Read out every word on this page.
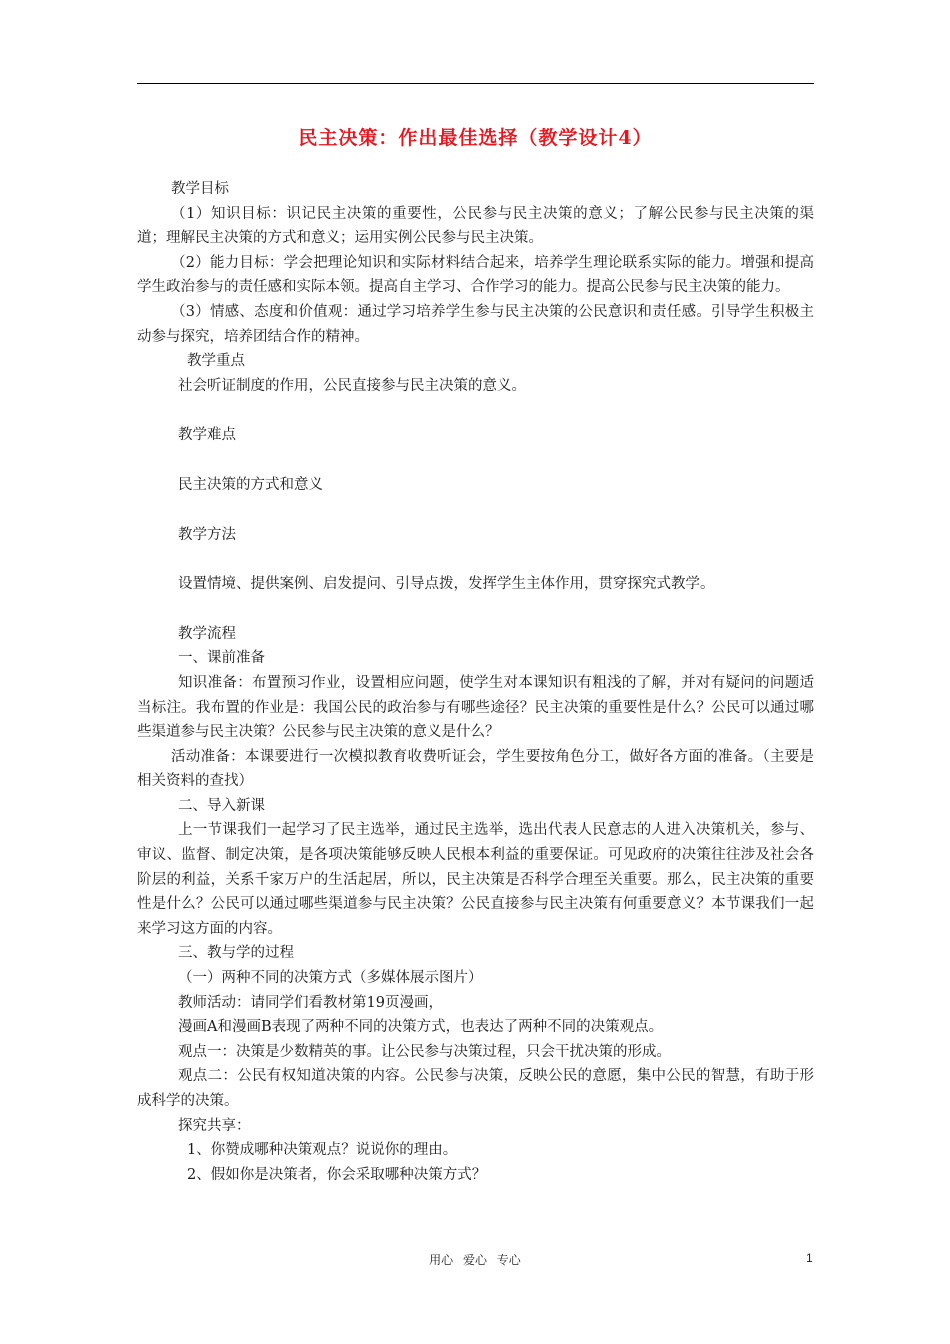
民主决策：作出最佳选择（教学设计4）

教学目标

（1）知识目标：识记民主决策的重要性，公民参与民主决策的意义；了解公民参与民主决策的渠道；理解民主决策的方式和意义；运用实例公民参与民主决策。

（2）能力目标：学会把理论知识和实际材料结合起来，培养学生理论联系实际的能力。增强和提高学生政治参与的责任感和实际本领。提高自主学习、合作学习的能力。提高公民参与民主决策的能力。

（3）情感、态度和价值观：通过学习培养学生参与民主决策的公民意识和责任感。引导学生积极主动参与探究，培养团结合作的精神。

教学重点

社会听证制度的作用，公民直接参与民主决策的意义。

教学难点

民主决策的方式和意义

教学方法

设置情境、提供案例、启发提问、引导点拨，发挥学生主体作用，贯穿探究式教学。

教学流程

一、课前准备

知识准备：布置预习作业，设置相应问题，使学生对本课知识有粗浅的了解，并对有疑问的问题适当标注。我布置的作业是：我国公民的政治参与有哪些途径？民主决策的重要性是什么？公民可以通过哪些渠道参与民主决策？公民参与民主决策的意义是什么？

活动准备：本课要进行一次模拟教育收费听证会，学生要按角色分工，做好各方面的准备。（主要是相关资料的查找）

二、导入新课

上一节课我们一起学习了民主选举，通过民主选举，选出代表人民意志的人进入决策机关，参与、审议、监督、制定决策，是各项决策能够反映人民根本利益的重要保证。可见政府的决策往往涉及社会各阶层的利益，关系千家万户的生活起居，所以，民主决策是否科学合理至关重要。那么，民主决策的重要性是什么？公民可以通过哪些渠道参与民主决策？公民直接参与民主决策有何重要意义？本节课我们一起来学习这方面的内容。

三、教与学的过程

（一）两种不同的决策方式（多媒体展示图片）

教师活动：请同学们看教材第19页漫画，

漫画A和漫画B表现了两种不同的决策方式，也表达了两种不同的决策观点。

观点一：决策是少数精英的事。让公民参与决策过程，只会干扰决策的形成。

观点二：公民有权知道决策的内容。公民参与决策，反映公民的意愿，集中公民的智慧，有助于形成科学的决策。

探究共享：

1、你赞成哪种决策观点？说说你的理由。

2、假如你是决策者，你会采取哪种决策方式？

用心 爱心 专心	1
